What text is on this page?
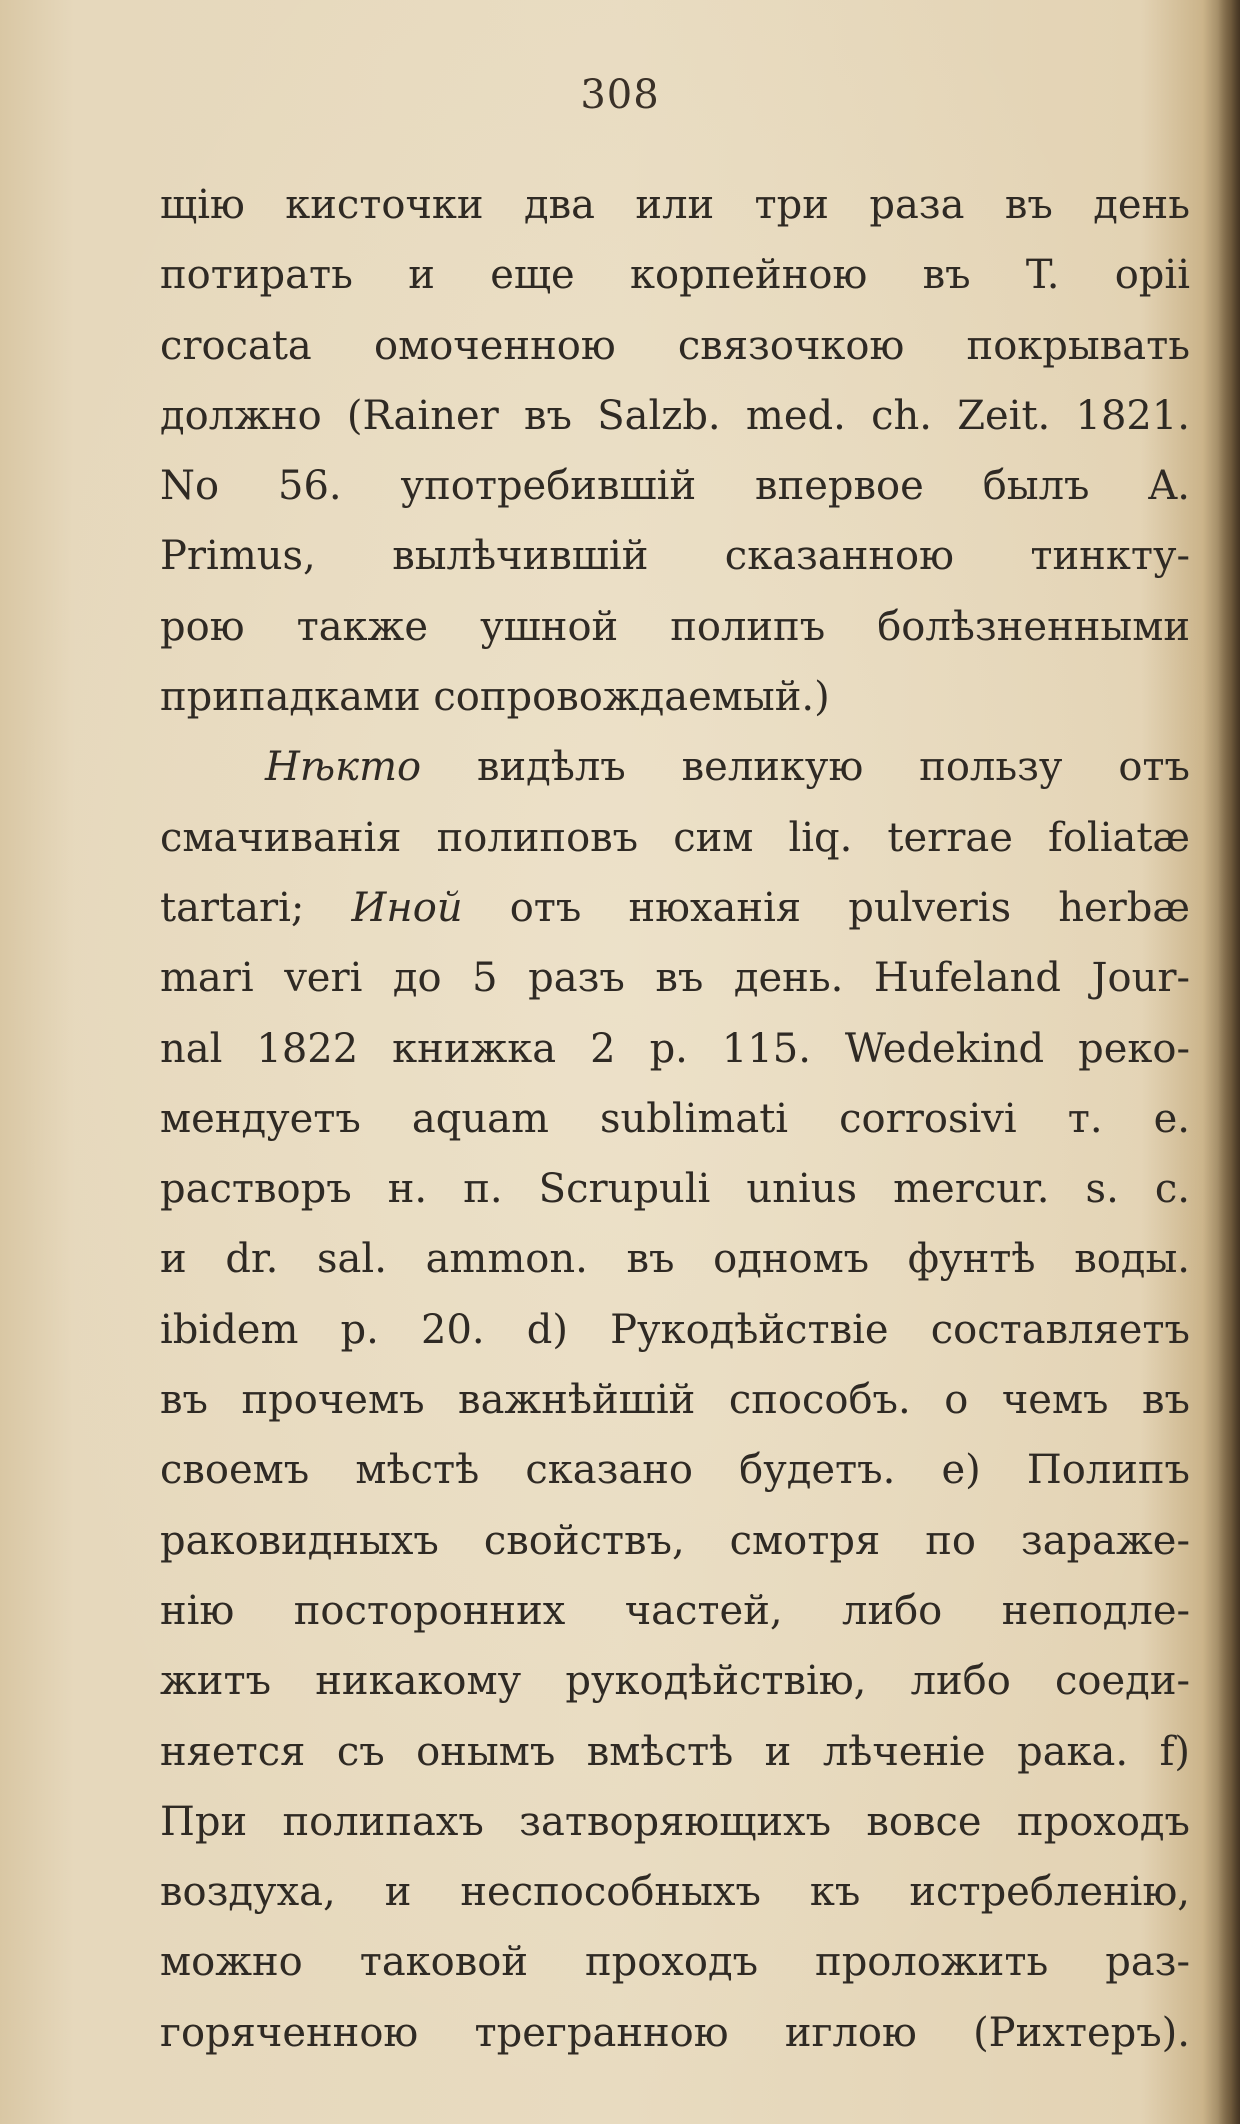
308
щію кисточки два или три раза въ день
потирать и еще корпейною въ T. opii
crocata омоченною связочкою покрывать
должно (Rainer въ Salzb. med. ch. Zeit. 1821.
No 56. употребившій впервое былъ A.
Primus, вылѣчившій сказанною тинкту-
рою также ушной полипъ болѣзненными
припадками сопровождаемый.)
Нѣкто видѣлъ великую пользу отъ
смачиванія полиповъ сим liq. terrae foliatæ
tartari; Иной отъ нюханія pulveris herbæ
mari veri до 5 разъ въ день. Hufeland Jour-
nal 1822 книжка 2 p. 115. Wedekind реко-
мендуетъ aquam sublimati corrosivi т. е.
растворъ н. п. Scrupuli unius mercur. s. c.
и dr. sal. ammon. въ одномъ фунтѣ воды.
ibidem p. 20. d) Рукодѣйствіе составляетъ
въ прочемъ важнѣйшій способъ. о чемъ въ
своемъ мѣстѣ сказано будетъ. e) Полипъ
раковидныхъ свойствъ, смотря по зараже-
нію посторонних частей, либо неподле-
житъ никакому рукодѣйствію, либо соеди-
няется съ онымъ вмѣстѣ и лѣченіе рака. f)
При полипахъ затворяющихъ вовсе проходъ
воздуха, и неспособныхъ къ истребленію,
можно таковой проходъ проложить раз-
горяченною трегранною иглою (Рихтеръ).
